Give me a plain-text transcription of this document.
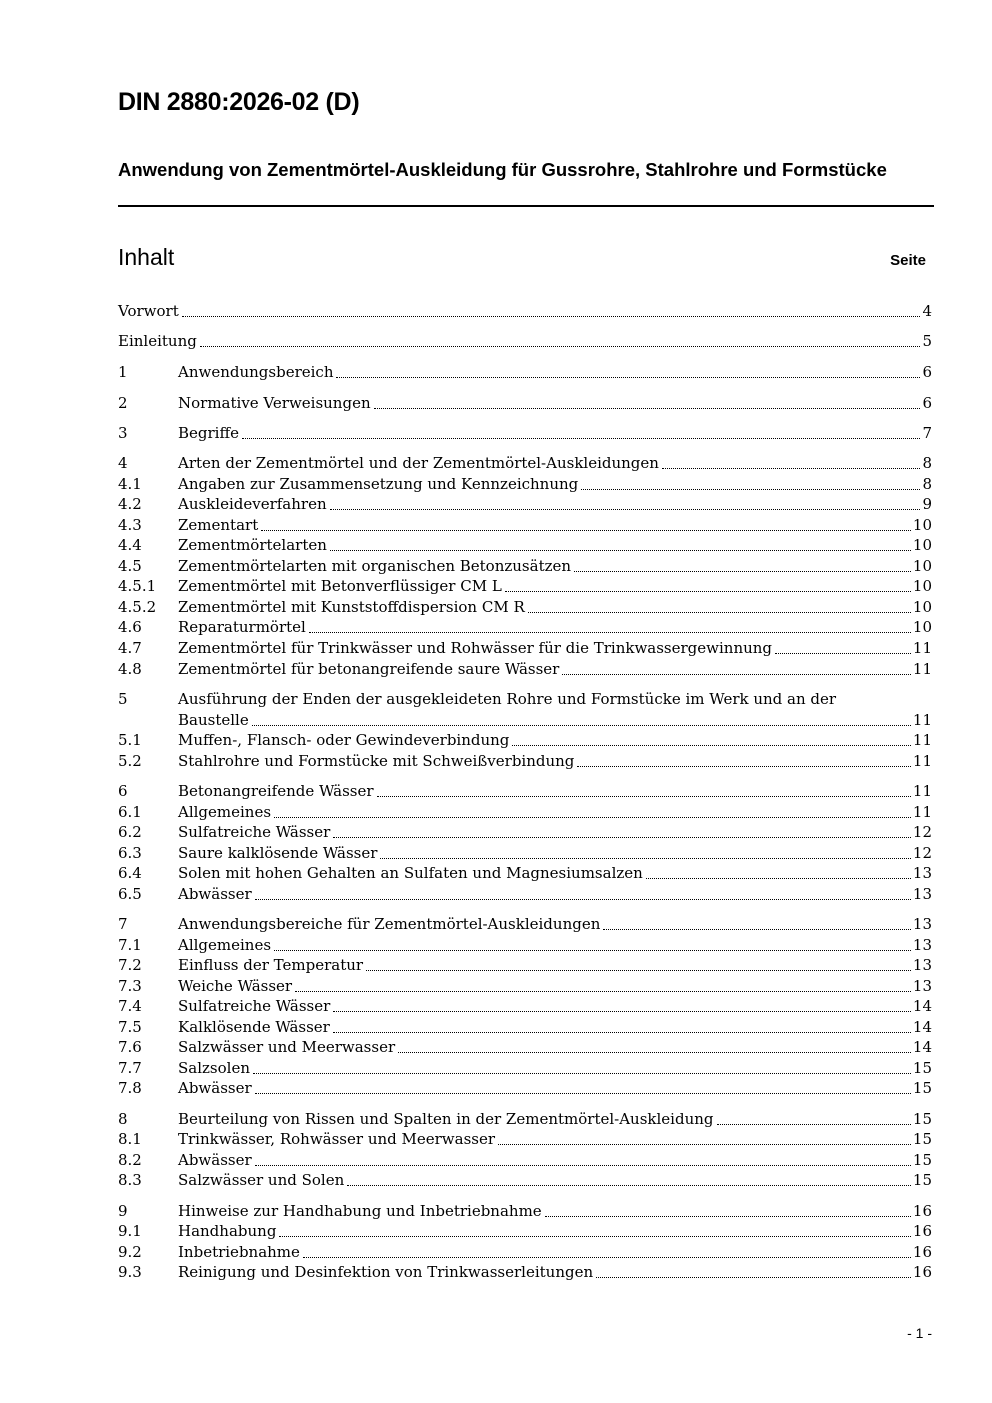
DIN 2880:2026-02 (D)
Anwendung von Zementmörtel-Auskleidung für Gussrohre, Stahlrohre und Formstücke
Inhalt	Seite
Vorwort	4
Einleitung	5
1	Anwendungsbereich	6
2	Normative Verweisungen	6
3	Begriffe	7
4	Arten der Zementmörtel und der Zementmörtel-Auskleidungen	8
4.1	Angaben zur Zusammensetzung und Kennzeichnung	8
4.2	Auskleideverfahren	9
4.3	Zementart	10
4.4	Zementmörtelarten	10
4.5	Zementmörtelarten mit organischen Betonzusätzen	10
4.5.1	Zementmörtel mit Betonverflüssiger CM L	10
4.5.2	Zementmörtel mit Kunststoffdispersion CM R	10
4.6	Reparaturmörtel	10
4.7	Zementmörtel für Trinkwässer und Rohwässer für die Trinkwassergewinnung	11
4.8	Zementmörtel für betonangreifende saure Wässer	11
5	Ausführung der Enden der ausgekleideten Rohre und Formstücke im Werk und an der
Baustelle	11
5.1	Muffen-, Flansch- oder Gewindeverbindung	11
5.2	Stahlrohre und Formstücke mit Schweißverbindung	11
6	Betonangreifende Wässer	11
6.1	Allgemeines	11
6.2	Sulfatreiche Wässer	12
6.3	Saure kalklösende Wässer	12
6.4	Solen mit hohen Gehalten an Sulfaten und Magnesiumsalzen	13
6.5	Abwässer	13
7	Anwendungsbereiche für Zementmörtel-Auskleidungen	13
7.1	Allgemeines	13
7.2	Einfluss der Temperatur	13
7.3	Weiche Wässer	13
7.4	Sulfatreiche Wässer	14
7.5	Kalklösende Wässer	14
7.6	Salzwässer und Meerwasser	14
7.7	Salzsolen	15
7.8	Abwässer	15
8	Beurteilung von Rissen und Spalten in der Zementmörtel-Auskleidung	15
8.1	Trinkwässer, Rohwässer und Meerwasser	15
8.2	Abwässer	15
8.3	Salzwässer und Solen	15
9	Hinweise zur Handhabung und Inbetriebnahme	16
9.1	Handhabung	16
9.2	Inbetriebnahme	16
9.3	Reinigung und Desinfektion von Trinkwasserleitungen	16
- 1 -
